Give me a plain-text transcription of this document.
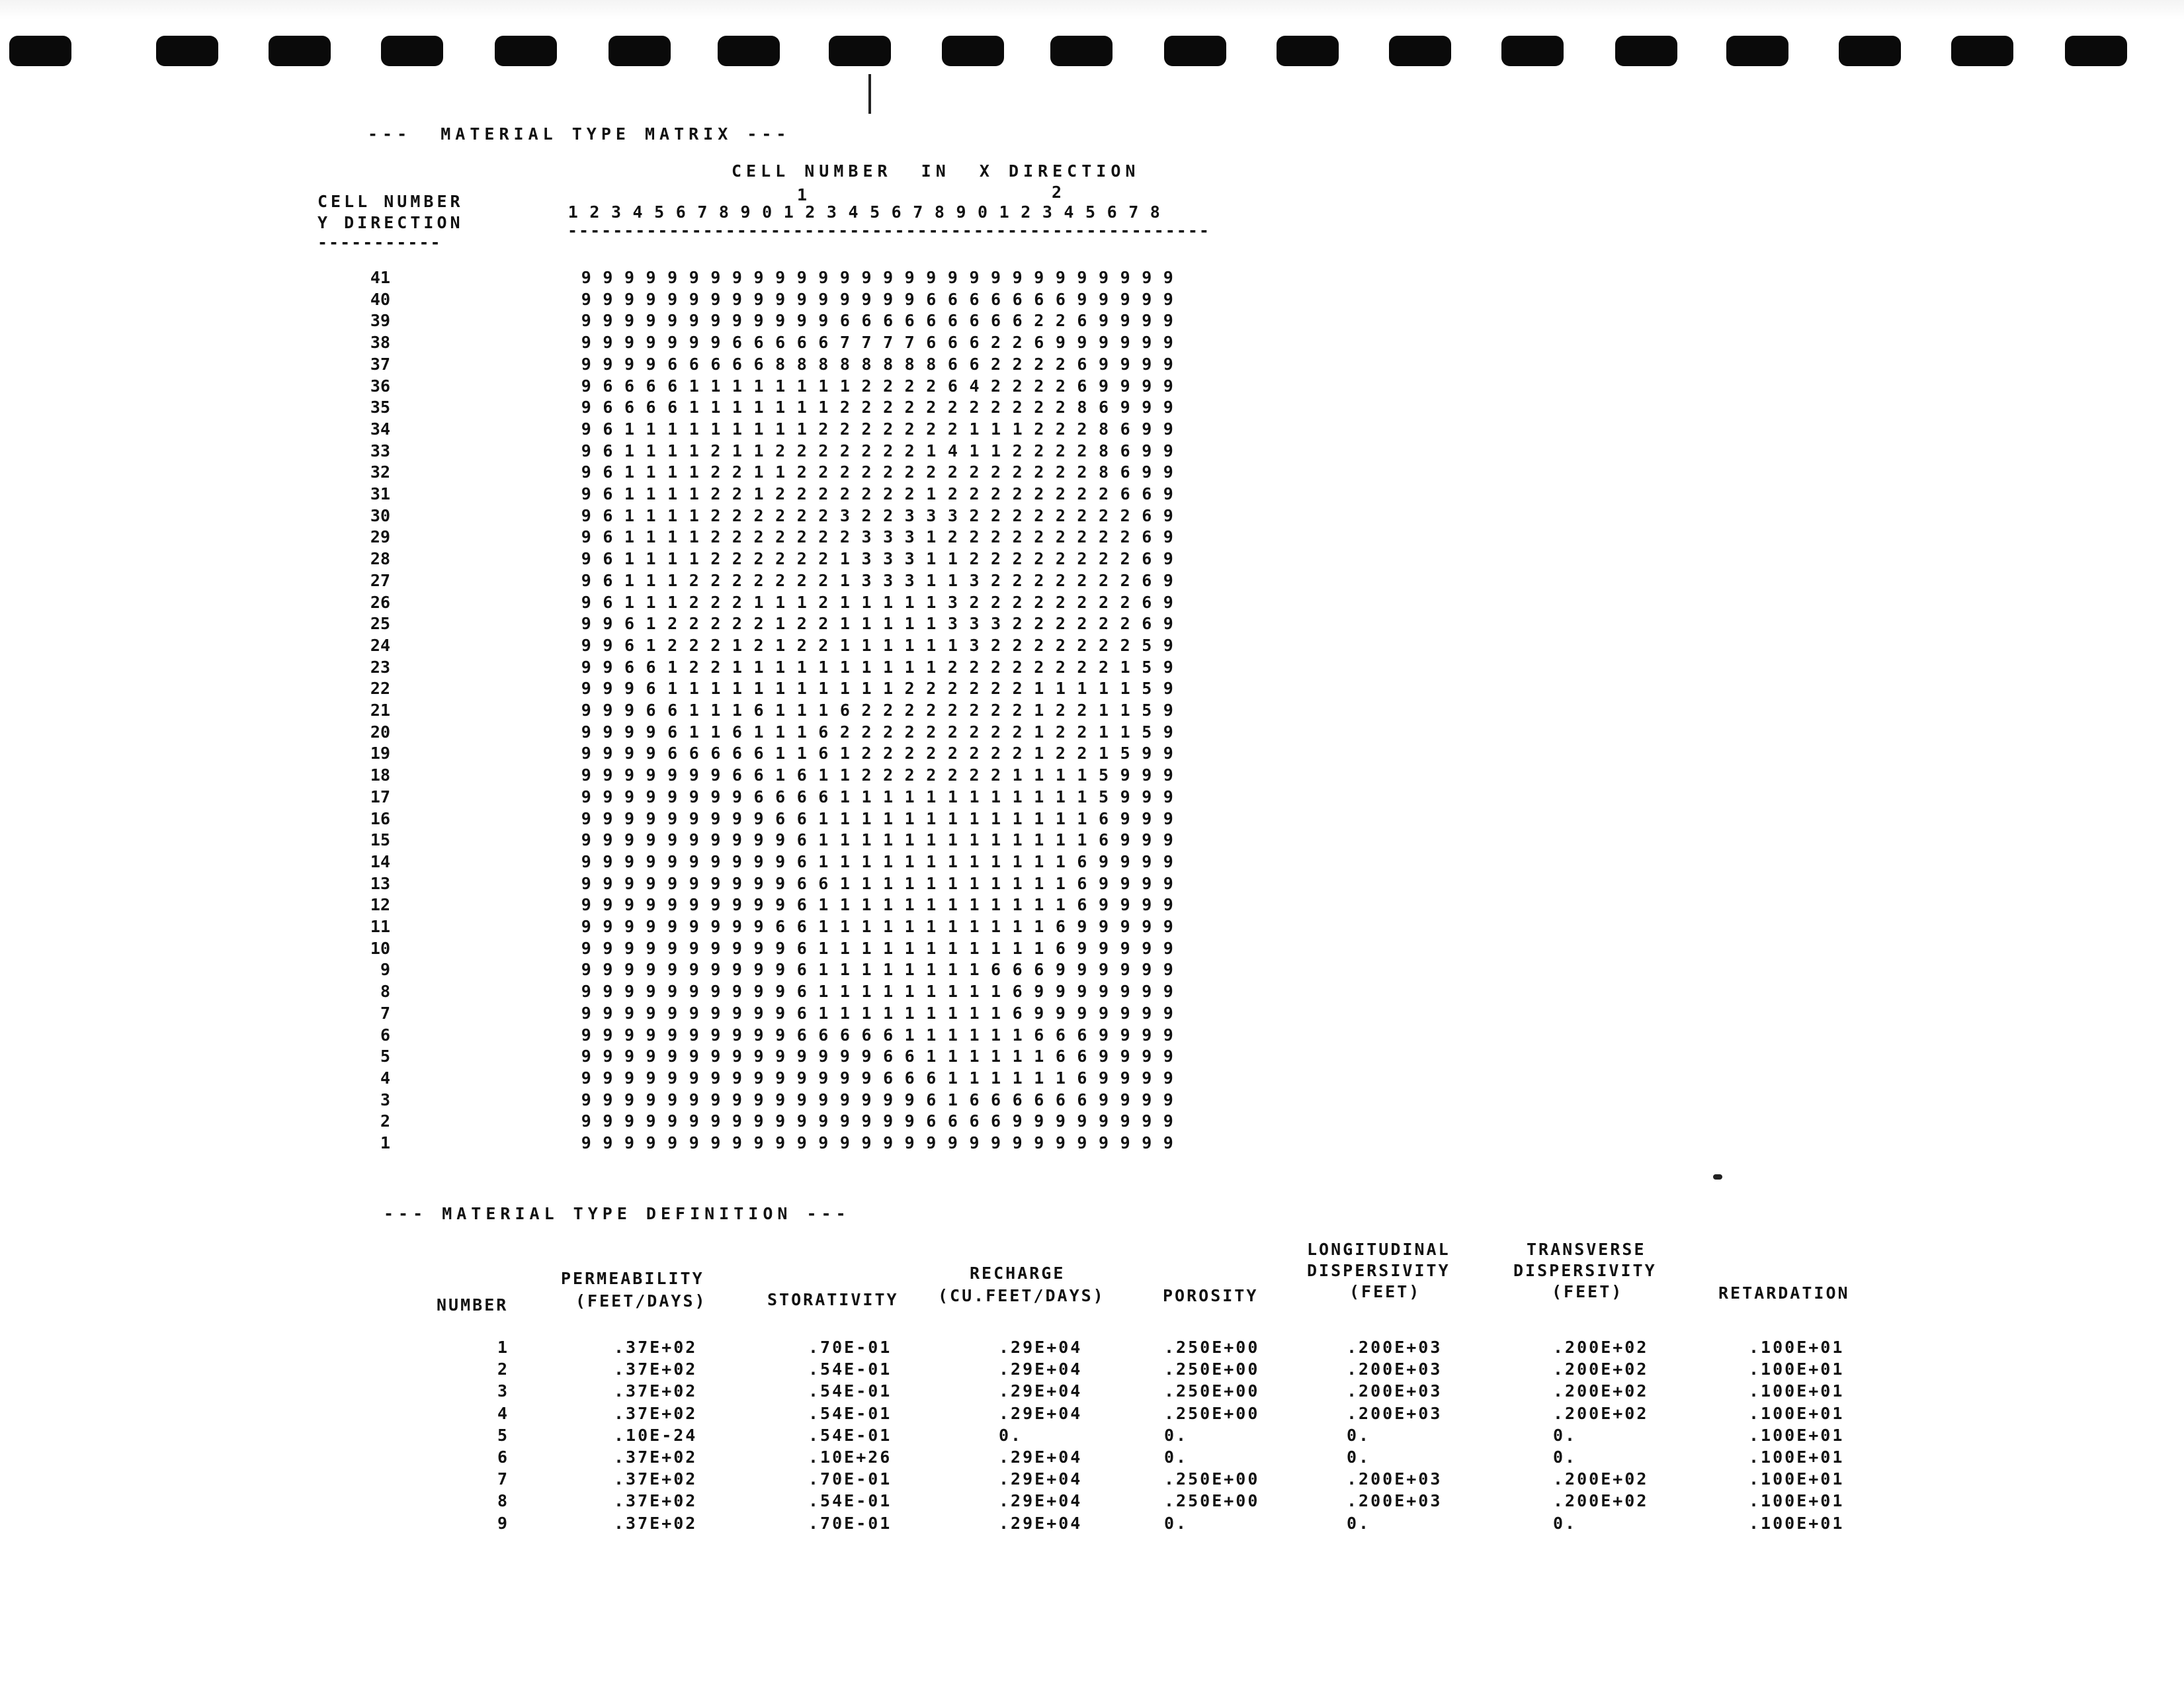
---  MATERIAL TYPE MATRIX ---
CELL NUMBER  IN  X DIRECTION
1	2
CELL NUMBER
Y DIRECTION
-----------
1 2 3 4 5 6 7 8 9 0 1 2 3 4 5 6 7 8 9 0 1 2 3 4 5 6 7 8
---------------------------------------------------------
41	9 9 9 9 9 9 9 9 9 9 9 9 9 9 9 9 9 9 9 9 9 9 9 9 9 9 9 9
40	9 9 9 9 9 9 9 9 9 9 9 9 9 9 9 9 6 6 6 6 6 6 6 9 9 9 9 9
39	9 9 9 9 9 9 9 9 9 9 9 9 6 6 6 6 6 6 6 6 6 2 2 6 9 9 9 9
38	9 9 9 9 9 9 9 6 6 6 6 6 7 7 7 7 6 6 6 2 2 6 9 9 9 9 9 9
37	9 9 9 9 6 6 6 6 6 8 8 8 8 8 8 8 8 6 6 2 2 2 2 6 9 9 9 9
36	9 6 6 6 6 1 1 1 1 1 1 1 1 2 2 2 2 6 4 2 2 2 2 6 9 9 9 9
35	9 6 6 6 6 1 1 1 1 1 1 1 2 2 2 2 2 2 2 2 2 2 2 8 6 9 9 9
34	9 6 1 1 1 1 1 1 1 1 1 2 2 2 2 2 2 2 1 1 1 2 2 2 8 6 9 9
33	9 6 1 1 1 1 2 1 1 2 2 2 2 2 2 2 1 4 1 1 2 2 2 2 8 6 9 9
32	9 6 1 1 1 1 2 2 1 1 2 2 2 2 2 2 2 2 2 2 2 2 2 2 8 6 9 9
31	9 6 1 1 1 1 2 2 1 2 2 2 2 2 2 2 1 2 2 2 2 2 2 2 2 6 6 9
30	9 6 1 1 1 1 2 2 2 2 2 2 3 2 2 3 3 3 2 2 2 2 2 2 2 2 6 9
29	9 6 1 1 1 1 2 2 2 2 2 2 2 3 3 3 1 2 2 2 2 2 2 2 2 2 6 9
28	9 6 1 1 1 1 2 2 2 2 2 2 1 3 3 3 1 1 2 2 2 2 2 2 2 2 6 9
27	9 6 1 1 1 2 2 2 2 2 2 2 1 3 3 3 1 1 3 2 2 2 2 2 2 2 6 9
26	9 6 1 1 1 2 2 2 1 1 1 2 1 1 1 1 1 3 2 2 2 2 2 2 2 2 6 9
25	9 9 6 1 2 2 2 2 2 1 2 2 1 1 1 1 1 3 3 3 2 2 2 2 2 2 6 9
24	9 9 6 1 2 2 2 1 2 1 2 2 1 1 1 1 1 1 3 2 2 2 2 2 2 2 5 9
23	9 9 6 6 1 2 2 1 1 1 1 1 1 1 1 1 1 2 2 2 2 2 2 2 2 1 5 9
22	9 9 9 6 1 1 1 1 1 1 1 1 1 1 1 2 2 2 2 2 2 1 1 1 1 1 5 9
21	9 9 9 6 6 1 1 1 6 1 1 1 6 2 2 2 2 2 2 2 2 1 2 2 1 1 5 9
20	9 9 9 9 6 1 1 6 1 1 1 6 2 2 2 2 2 2 2 2 2 1 2 2 1 1 5 9
19	9 9 9 9 6 6 6 6 6 1 1 6 1 2 2 2 2 2 2 2 2 1 2 2 1 5 9 9
18	9 9 9 9 9 9 9 6 6 1 6 1 1 2 2 2 2 2 2 2 1 1 1 1 5 9 9 9
17	9 9 9 9 9 9 9 9 6 6 6 6 1 1 1 1 1 1 1 1 1 1 1 1 5 9 9 9
16	9 9 9 9 9 9 9 9 9 6 6 1 1 1 1 1 1 1 1 1 1 1 1 1 6 9 9 9
15	9 9 9 9 9 9 9 9 9 9 6 1 1 1 1 1 1 1 1 1 1 1 1 1 6 9 9 9
14	9 9 9 9 9 9 9 9 9 9 6 1 1 1 1 1 1 1 1 1 1 1 1 6 9 9 9 9
13	9 9 9 9 9 9 9 9 9 9 6 6 1 1 1 1 1 1 1 1 1 1 1 6 9 9 9 9
12	9 9 9 9 9 9 9 9 9 9 6 1 1 1 1 1 1 1 1 1 1 1 1 6 9 9 9 9
11	9 9 9 9 9 9 9 9 9 6 6 1 1 1 1 1 1 1 1 1 1 1 6 9 9 9 9 9
10	9 9 9 9 9 9 9 9 9 9 6 1 1 1 1 1 1 1 1 1 1 1 6 9 9 9 9 9
9	9 9 9 9 9 9 9 9 9 9 6 1 1 1 1 1 1 1 1 6 6 6 9 9 9 9 9 9
8	9 9 9 9 9 9 9 9 9 9 6 1 1 1 1 1 1 1 1 1 6 9 9 9 9 9 9 9
7	9 9 9 9 9 9 9 9 9 9 6 1 1 1 1 1 1 1 1 1 6 9 9 9 9 9 9 9
6	9 9 9 9 9 9 9 9 9 9 6 6 6 6 6 1 1 1 1 1 1 6 6 6 9 9 9 9
5	9 9 9 9 9 9 9 9 9 9 9 9 9 9 6 6 1 1 1 1 1 1 6 6 9 9 9 9
4	9 9 9 9 9 9 9 9 9 9 9 9 9 9 6 6 6 1 1 1 1 1 1 6 9 9 9 9
3	9 9 9 9 9 9 9 9 9 9 9 9 9 9 9 9 6 1 6 6 6 6 6 6 9 9 9 9
2	9 9 9 9 9 9 9 9 9 9 9 9 9 9 9 9 6 6 6 6 9 9 9 9 9 9 9 9
1	9 9 9 9 9 9 9 9 9 9 9 9 9 9 9 9 9 9 9 9 9 9 9 9 9 9 9 9
--- MATERIAL TYPE DEFINITION ---
NUMBER
PERMEABILITY
(FEET/DAYS)	STORATIVITY
RECHARGE
(CU.FEET/DAYS)	POROSITY
LONGITUDINAL
DISPERSIVITY
(FEET)
TRANSVERSE
DISPERSIVITY
(FEET)	RETARDATION
1	.37E+02	.70E-01	.29E+04	.250E+00	.200E+03	.200E+02	.100E+01
2	.37E+02	.54E-01	.29E+04	.250E+00	.200E+03	.200E+02	.100E+01
3	.37E+02	.54E-01	.29E+04	.250E+00	.200E+03	.200E+02	.100E+01
4	.37E+02	.54E-01	.29E+04	.250E+00	.200E+03	.200E+02	.100E+01
5	.10E-24	.54E-01	0.	0.	0.	0.	.100E+01
6	.37E+02	.10E+26	.29E+04	0.	0.	0.	.100E+01
7	.37E+02	.70E-01	.29E+04	.250E+00	.200E+03	.200E+02	.100E+01
8	.37E+02	.54E-01	.29E+04	.250E+00	.200E+03	.200E+02	.100E+01
9	.37E+02	.70E-01	.29E+04	0.	0.	0.	.100E+01
